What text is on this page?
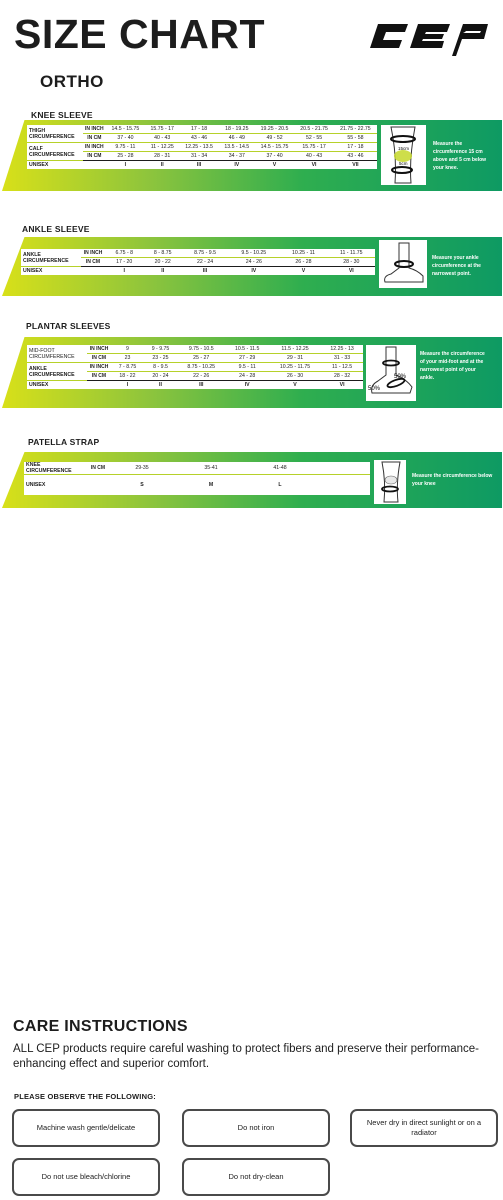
SIZE CHART
ORTHO
KNEE SLEEVE
THIGH CIRCUMFERENCE	IN INCH	14.5 - 15.75	15.75 - 17	17 - 18	18 - 19.25	19.25 - 20.5	20.5 - 21.75	21.75 - 22.75
	IN CM	37 - 40	40 - 43	43 - 46	46 - 49	49 - 52	52 - 55	55 - 58
CALF CIRCUMFERENCE	IN INCH	9.75 - 11	11 - 12.25	12.25 - 13.5	13.5 - 14.5	14.5 - 15.75	15.75 - 17	17 - 18
	IN CM	25 - 28	28 - 31	31 - 34	34 - 37	37 - 40	40 - 43	43 - 46
UNISEX		I	II	III	IV	V	VI	VII
15cm
5cm
Measure the circumference 15 cm above and 5 cm below your knee.
ANKLE SLEEVE
ANKLE CIRCUMFERENCE	IN INCH	6.75 - 8	8 - 8.75	8.75 - 9.5	9.5 - 10.25	10.25 - 11	11 - 11.75
	IN CM	17 - 20	20 - 22	22 - 24	24 - 26	26 - 28	28 - 30
UNISEX		I	II	III	IV	V	VI
Measure your ankle circumference at the narrowest point.
PLANTAR SLEEVES
MID-FOOT CIRCUMFERENCE	IN INCH	9	9 - 9.75	9.75 - 10.5	10.5 - 11.5	11.5 - 12.25	12.25 - 13
	IN CM	23	23 - 25	25 - 27	27 - 29	29 - 31	31 - 33
ANKLE CIRCUMFERENCE	IN INCH	7 - 8.75	8 - 9.5	8.75 - 10.25	9.5 - 11	10.25 - 11.75	11 - 12.5
	IN CM	18 - 22	20 - 24	22 - 26	24 - 28	26 - 30	28 - 32
UNISEX		I	II	III	IV	V	VI
50%
50%
Measure the circumference of your mid-foot and at the narrowest point of your ankle.
PATELLA STRAP
KNEE CIRCUMFERENCE	IN CM	29-35	35-41	41-48	
UNISEX		S	M	L	
Measure the circumference below your knee
CARE INSTRUCTIONS
ALL CEP products require careful washing to protect fibers and preserve their performance-enhancing effect and superior comfort.
PLEASE OBSERVE THE FOLLOWING:
Machine wash gentle/delicate	Do not iron
Never dry in direct sunlight or on a radiator
Do not use bleach/chlorine	Do not dry-clean
